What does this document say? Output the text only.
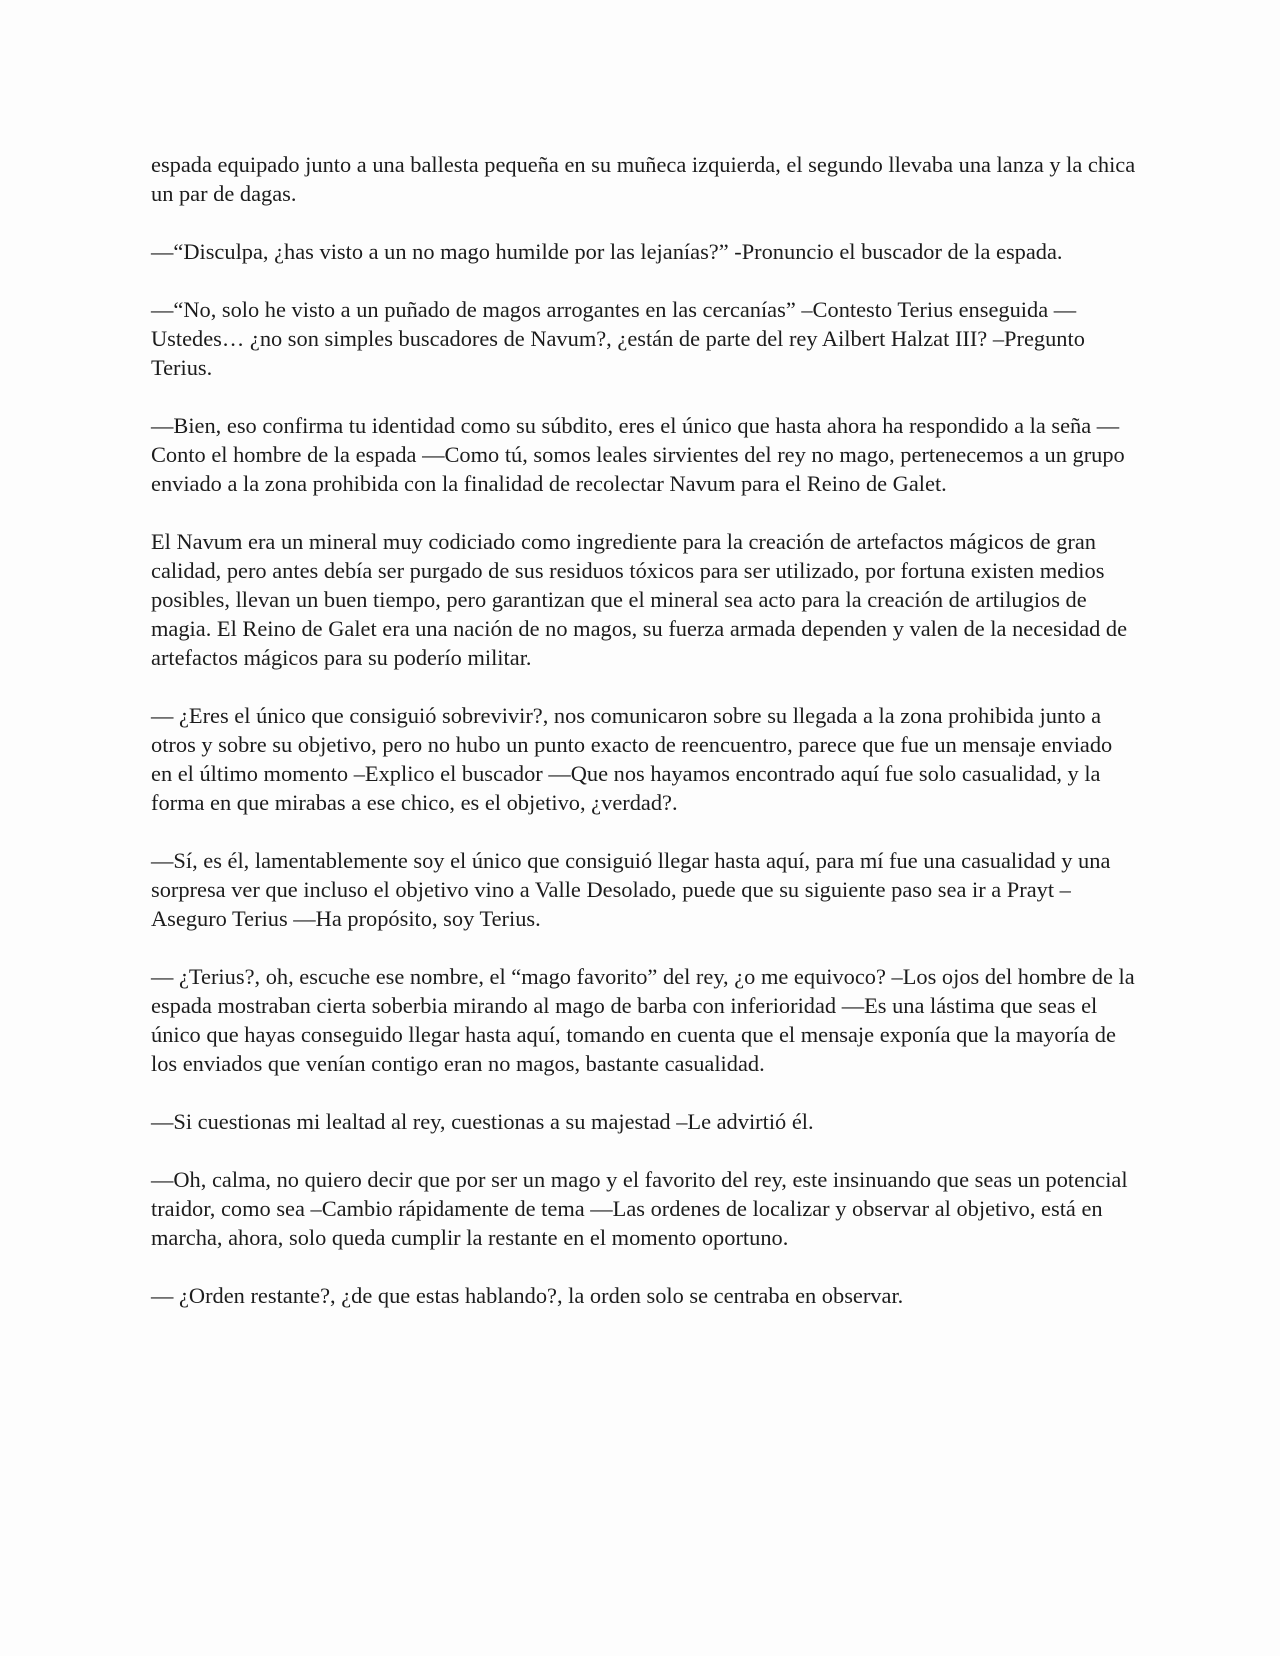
espada equipado junto a una ballesta pequeña en su muñeca izquierda, el segundo llevaba una lanza y la chica un par de dagas.

—“Disculpa, ¿has visto a un no mago humilde por las lejanías?” -Pronuncio el buscador de la espada.

—“No, solo he visto a un puñado de magos arrogantes en las cercanías” –Contesto Terius enseguida —Ustedes… ¿no son simples buscadores de Navum?, ¿están de parte del rey Ailbert Halzat III? –Pregunto Terius.

—Bien, eso confirma tu identidad como su súbdito, eres el único que hasta ahora ha respondido a la seña —Conto el hombre de la espada —Como tú, somos leales sirvientes del rey no mago, pertenecemos a un grupo enviado a la zona prohibida con la finalidad de recolectar Navum para el Reino de Galet.

El Navum era un mineral muy codiciado como ingrediente para la creación de artefactos mágicos de gran calidad, pero antes debía ser purgado de sus residuos tóxicos para ser utilizado, por fortuna existen medios posibles, llevan un buen tiempo, pero garantizan que el mineral sea acto para la creación de artilugios de magia. El Reino de Galet era una nación de no magos, su fuerza armada dependen y valen de la necesidad de artefactos mágicos para su poderío militar.

— ¿Eres el único que consiguió sobrevivir?, nos comunicaron sobre su llegada a la zona prohibida junto a otros y sobre su objetivo, pero no hubo un punto exacto de reencuentro, parece que fue un mensaje enviado en el último momento –Explico el buscador —Que nos hayamos encontrado aquí fue solo casualidad, y la forma en que mirabas a ese chico, es el objetivo, ¿verdad?.

—Sí, es él, lamentablemente soy el único que consiguió llegar hasta aquí, para mí fue una casualidad y una sorpresa ver que incluso el objetivo vino a Valle Desolado, puede que su siguiente paso sea ir a Prayt –Aseguro Terius —Ha propósito, soy Terius.

— ¿Terius?, oh, escuche ese nombre, el “mago favorito” del rey, ¿o me equivoco? –Los ojos del hombre de la espada mostraban cierta soberbia mirando al mago de barba con inferioridad —Es una lástima que seas el único que hayas conseguido llegar hasta aquí, tomando en cuenta que el mensaje exponía que la mayoría de los enviados que venían contigo eran no magos, bastante casualidad.

—Si cuestionas mi lealtad al rey, cuestionas a su majestad –Le advirtió él.

—Oh, calma, no quiero decir que por ser un mago y el favorito del rey, este insinuando que seas un potencial traidor, como sea –Cambio rápidamente de tema —Las ordenes de localizar y observar al objetivo, está en marcha, ahora, solo queda cumplir la restante en el momento oportuno.

— ¿Orden restante?, ¿de que estas hablando?, la orden solo se centraba en observar.
